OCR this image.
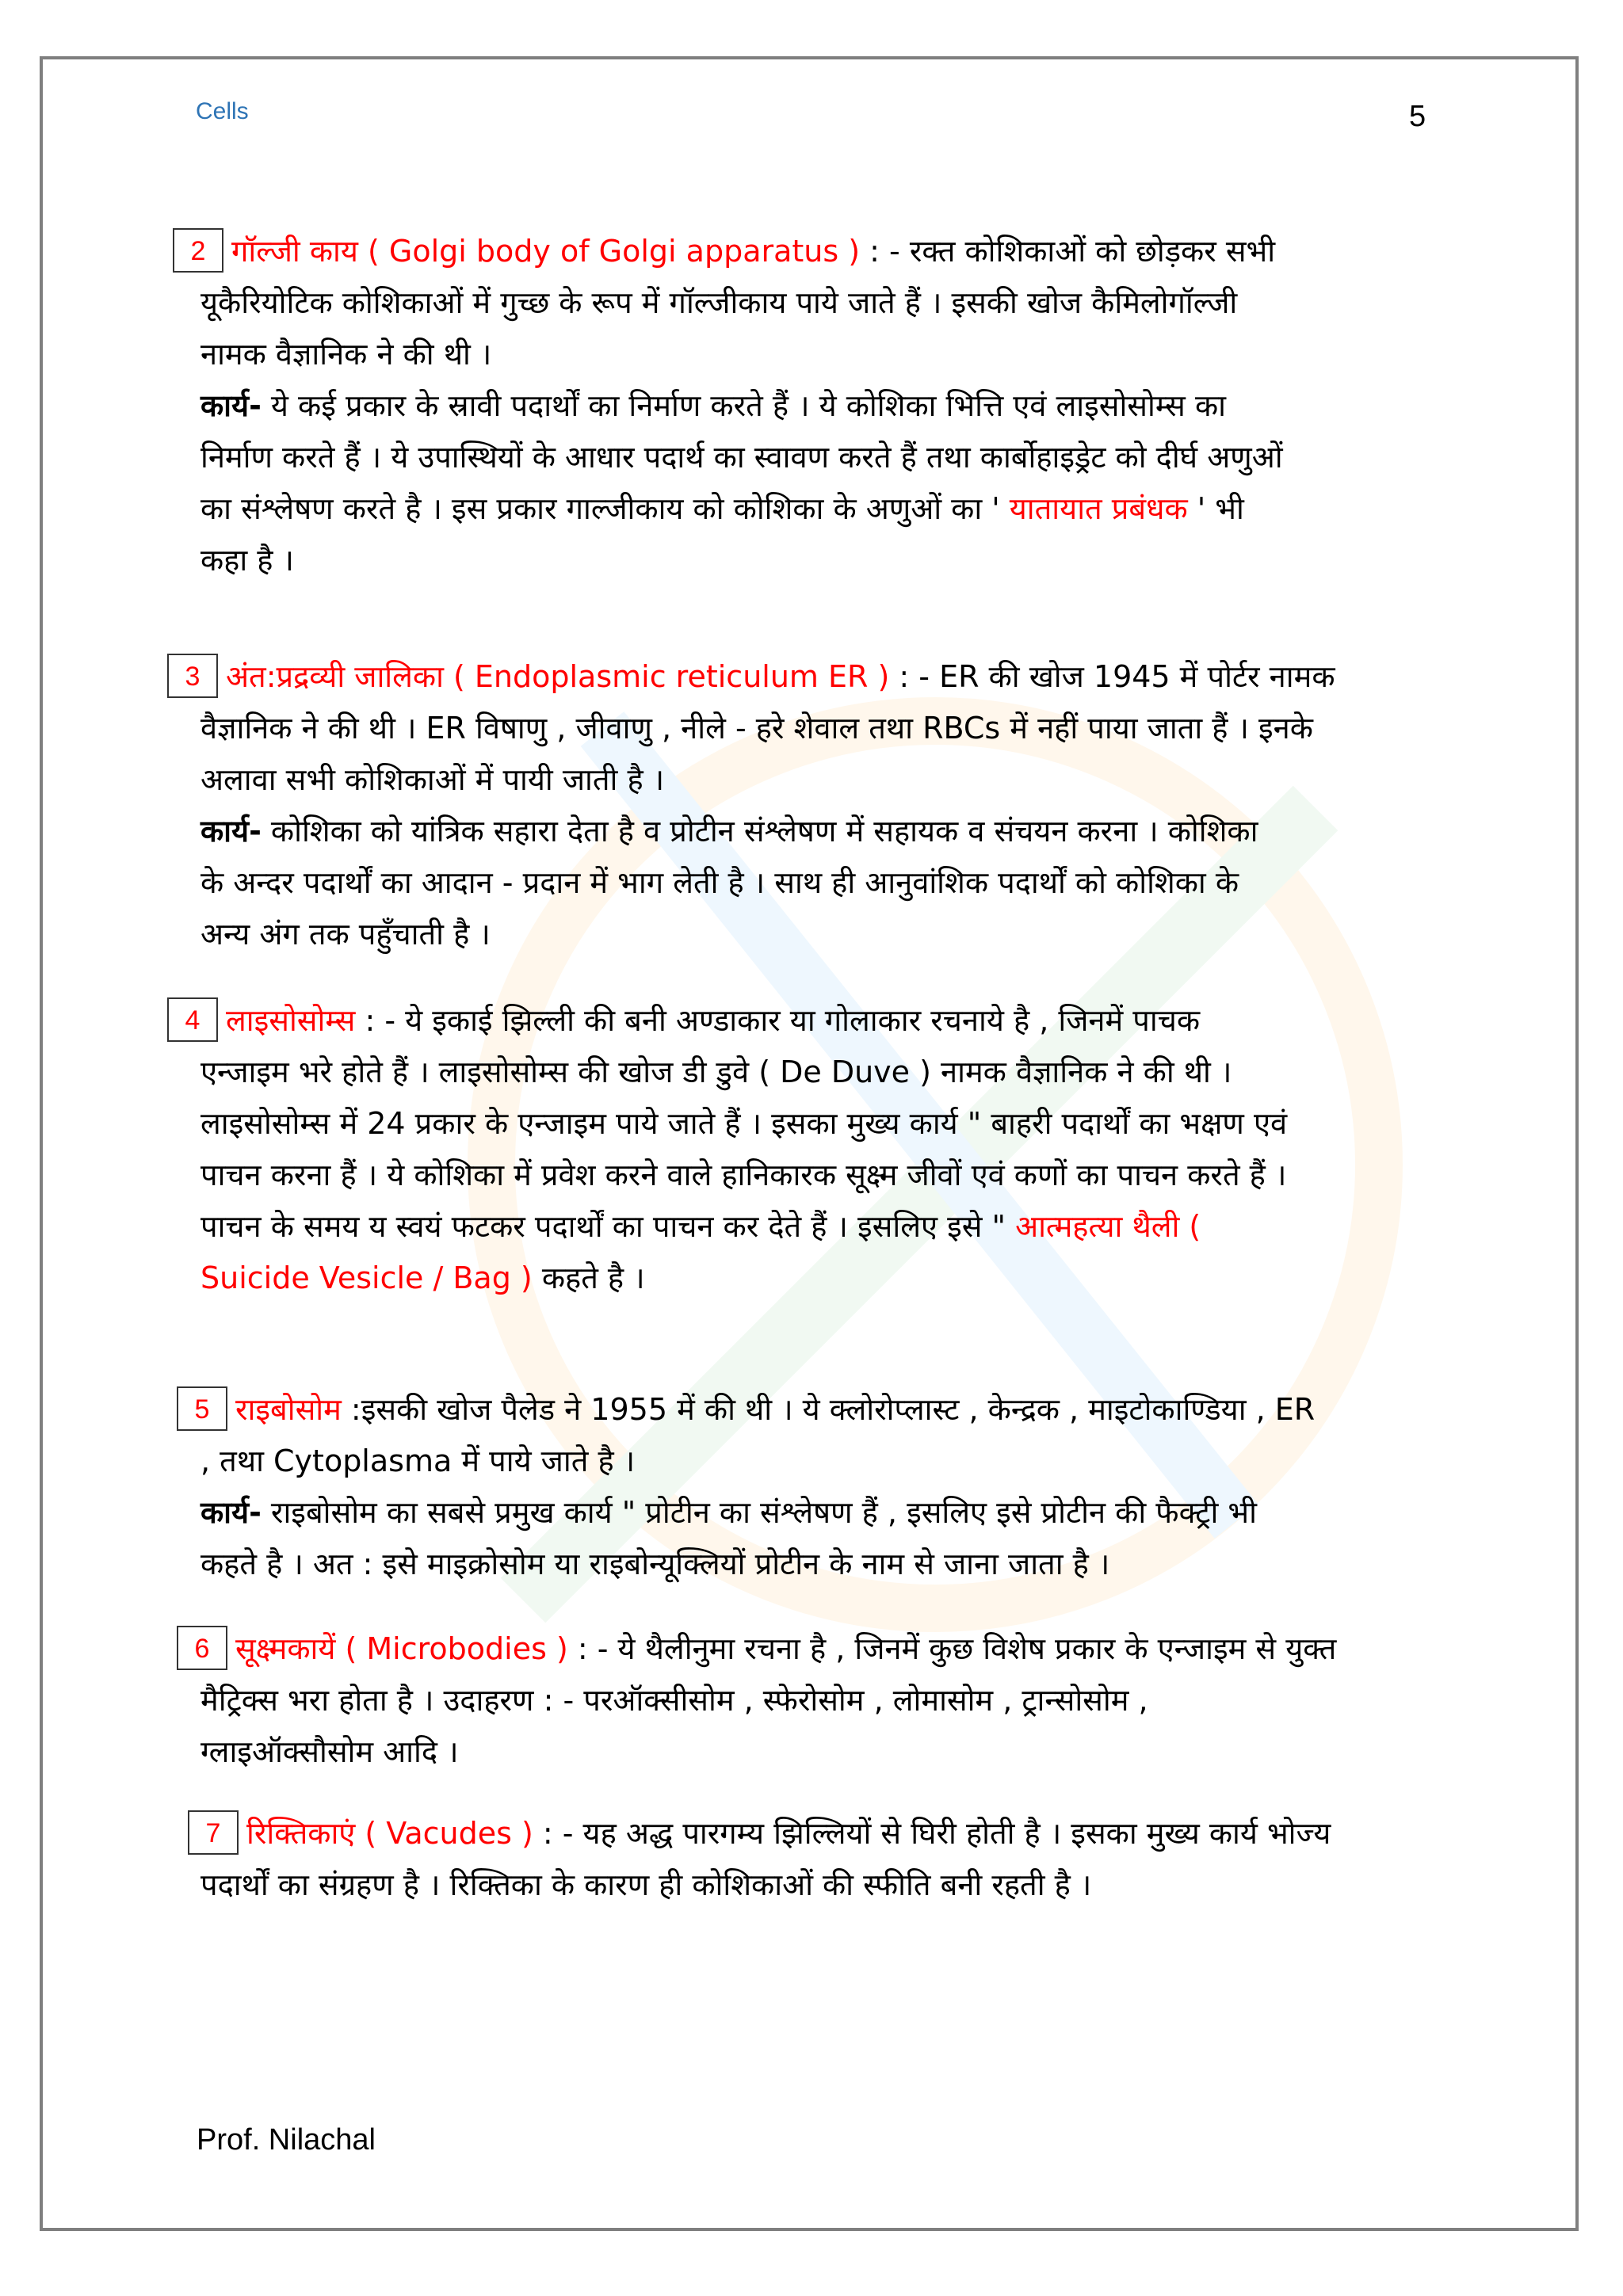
Cells	5
2 गॉल्जी काय ( Golgi body of Golgi apparatus ) : - रक्त कोशिकाओं को छोड़कर सभी
यूकैरियोटिक कोशिकाओं में गुच्छ के रूप में गॉल्जीकाय पाये जाते हैं । इसकी खोज कैमिलोगॉल्जी
नामक वैज्ञानिक ने की थी ।
कार्य- ये कई प्रकार के स्रावी पदार्थों का निर्माण करते हैं । ये कोशिका भित्ति एवं लाइसोसोम्स का
निर्माण करते हैं । ये उपास्थियों के आधार पदार्थ का स्वावण करते हैं तथा कार्बोहाइड्रेट को दीर्घ अणुओं
का संश्लेषण करते है । इस प्रकार गाल्जीकाय को कोशिका के अणुओं का ' यातायात प्रबंधक ' भी
कहा है ।
3 अंत:प्रद्रव्यी जालिका ( Endoplasmic reticulum ER ) : - ER की खोज 1945 में पोर्टर नामक
वैज्ञानिक ने की थी । ER विषाणु , जीवाणु , नीले - हरे शेवाल तथा RBCs में नहीं पाया जाता हैं । इनके
अलावा सभी कोशिकाओं में पायी जाती है ।
कार्य- कोशिका को यांत्रिक सहारा देता है व प्रोटीन संश्लेषण में सहायक व संचयन करना । कोशिका
के अन्दर पदार्थों का आदान - प्रदान में भाग लेती है । साथ ही आनुवांशिक पदार्थों को कोशिका के
अन्य अंग तक पहुँचाती है ।
4 लाइसोसोम्स : - ये इकाई झिल्ली की बनी अण्डाकार या गोलाकार रचनाये है , जिनमें पाचक
एन्जाइम भरे होते हैं । लाइसोसोम्स की खोज डी डुवे ( De Duve ) नामक वैज्ञानिक ने की थी ।
लाइसोसोम्स में 24 प्रकार के एन्जाइम पाये जाते हैं । इसका मुख्य कार्य " बाहरी पदार्थों का भक्षण एवं
पाचन करना हैं । ये कोशिका में प्रवेश करने वाले हानिकारक सूक्ष्म जीवों एवं कणों का पाचन करते हैं ।
पाचन के समय य स्वयं फटकर पदार्थों का पाचन कर देते हैं । इसलिए इसे " आत्महत्या थैली (
Suicide Vesicle / Bag ) कहते है ।
5 राइबोसोम :इसकी खोज पैलेड ने 1955 में की थी । ये क्लोरोप्लास्ट , केन्द्रक , माइटोकाण्डिया , ER
, तथा Cytoplasma में पाये जाते है ।
कार्य- राइबोसोम का सबसे प्रमुख कार्य " प्रोटीन का संश्लेषण हैं , इसलिए इसे प्रोटीन की फैक्ट्री भी
कहते है । अत : इसे माइक्रोसोम या राइबोन्यूक्लियों प्रोटीन के नाम से जाना जाता है ।
6 सूक्ष्मकायें ( Microbodies ) : - ये थैलीनुमा रचना है , जिनमें कुछ विशेष प्रकार के एन्जाइम से युक्त
मैट्रिक्स भरा होता है । उदाहरण : - परऑक्सीसोम , स्फेरोसोम , लोमासोम , ट्रान्सोसोम ,
ग्लाइऑक्सौसोम आदि ।
7 रिक्तिकाएं ( Vacudes ) : - यह अद्ध पारगम्य झिल्लियों से घिरी होती है । इसका मुख्य कार्य भोज्य
पदार्थों का संग्रहण है । रिक्तिका के कारण ही कोशिकाओं की स्फीति बनी रहती है ।
Prof. Nilachal
